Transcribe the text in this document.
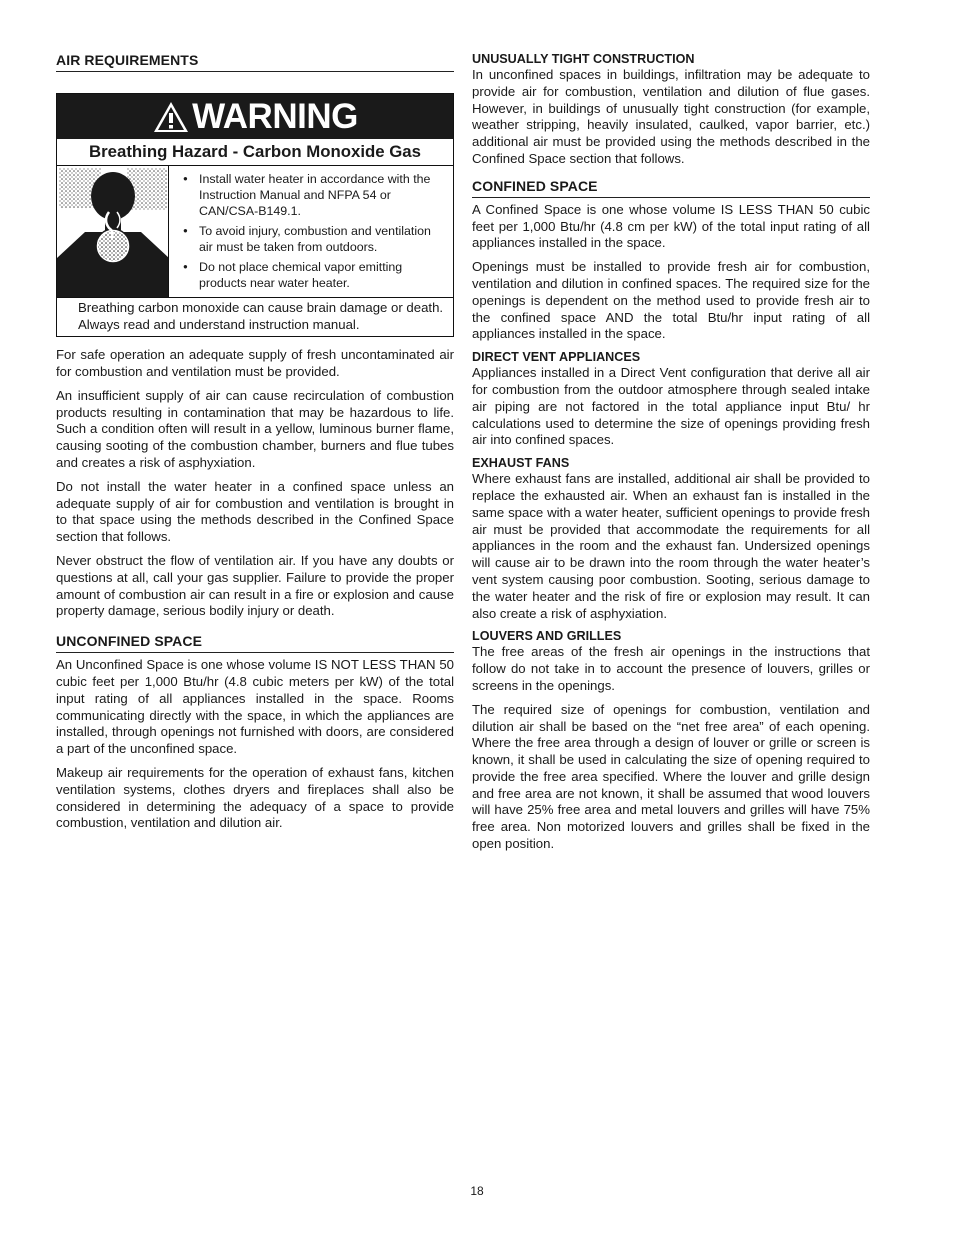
AIR REQUIREMENTS
WARNING
Breathing Hazard - Carbon Monoxide Gas
● Install water heater in accordance with the Instruction Manual and NFPA 54 or CAN/CSA-B149.1.
● To avoid injury, combustion and ventilation air must be taken from outdoors.
● Do not place chemical vapor emitting products near water heater.
Breathing carbon monoxide can cause brain damage or death. Always read and understand instruction manual.

For safe operation an adequate supply of fresh uncontaminated air for combustion and ventilation must be provided.

An insufficient supply of air can cause recirculation of combustion products resulting in contamination that may be hazardous to life. Such a condition often will result in a yellow, luminous burner flame, causing sooting of the combustion chamber, burners and flue tubes and creates a risk of asphyxiation.

Do not install the water heater in a confined space unless an adequate supply of air for combustion and ventilation is brought in to that space using the methods described in the Confined Space section that follows.

Never obstruct the flow of ventilation air. If you have any doubts or questions at all, call your gas supplier. Failure to provide the proper amount of combustion air can result in a fire or explosion and cause property damage, serious bodily injury or death.

UNCONFINED SPACE

An Unconfined Space is one whose volume IS NOT LESS THAN 50 cubic feet per 1,000 Btu/hr (4.8 cubic meters per kW) of the total input rating of all appliances installed in the space. Rooms communicating directly with the space, in which the appliances are installed, through openings not furnished with doors, are considered a part of the unconfined space.

Makeup air requirements for the operation of exhaust fans, kitchen ventilation systems, clothes dryers and fireplaces shall also be considered in determining the adequacy of a space to provide combustion, ventilation and dilution air.

UNUSUALLY TIGHT CONSTRUCTION

In unconfined spaces in buildings, infiltration may be adequate to provide air for combustion, ventilation and dilution of flue gases. However, in buildings of unusually tight construction (for example, weather stripping, heavily insulated, caulked, vapor barrier, etc.) additional air must be provided using the methods described in the Confined Space section that follows.

CONFINED SPACE

A Confined Space is one whose volume IS LESS THAN 50 cubic feet per 1,000 Btu/hr (4.8 cm per kW) of the total input rating of all appliances installed in the space.

Openings must be installed to provide fresh air for combustion, ventilation and dilution in confined spaces. The required size for the openings is dependent on the method used to provide fresh air to the confined space AND the total Btu/hr input rating of all appliances installed in the space.

DIRECT VENT APPLIANCES

Appliances installed in a Direct Vent configuration that derive all air for combustion from the outdoor atmosphere through sealed intake air piping are not factored in the total appliance input Btu/ hr calculations used to determine the size of openings providing fresh air into confined spaces.

EXHAUST FANS

Where exhaust fans are installed, additional air shall be provided to replace the exhausted air. When an exhaust fan is installed in the same space with a water heater, sufficient openings to provide fresh air must be provided that accommodate the requirements for all appliances in the room and the exhaust fan. Undersized openings will cause air to be drawn into the room through the water heater’s vent system causing poor combustion. Sooting, serious damage to the water heater and the risk of fire or explosion may result. It can also create a risk of asphyxiation.

LOUVERS AND GRILLES

The free areas of the fresh air openings in the instructions that follow do not take in to account the presence of louvers, grilles or screens in the openings.

The required size of openings for combustion, ventilation and dilution air shall be based on the “net free area” of each opening. Where the free area through a design of louver or grille or screen is known, it shall be used in calculating the size of opening required to provide the free area specified. Where the louver and grille design and free area are not known, it shall be assumed that wood louvers will have 25% free area and metal louvers and grilles will have 75% free area. Non motorized louvers and grilles shall be fixed in the open position.

18
